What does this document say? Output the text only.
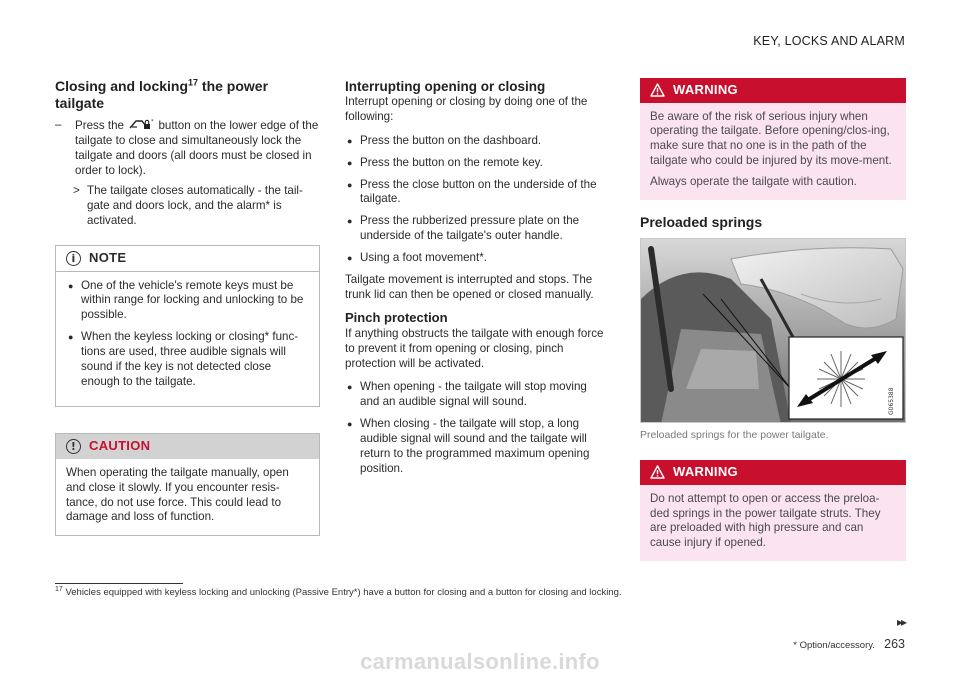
KEY, LOCKS AND ALARM
Closing and locking$^{17}$ the power tailgate
– Press the	* button on the lower edge of the tailgate to close and simultaneously lock the tailgate and doors (all doors must be closed in order to lock).
> The tailgate closes automatically - the tail-gate and doors lock, and the alarm* is activated.
i	NOTE
● One of the vehicle's remote keys must be within range for locking and unlocking to be possible.
● When the keyless locking or closing* func-tions are used, three audible signals will sound if the key is not detected close enough to the tailgate.
! CAUTION
When operating the tailgate manually, open and close it slowly. If you encounter resis-tance, do not use force. This could lead to damage and loss of function.
Interrupting opening or closing

Interrupt opening or closing by doing one of the following:

● Press the button on the dashboard.
● Press the button on the remote key.
● Press the close button on the underside of the tailgate.
● Press the rubberized pressure plate on the underside of the tailgate's outer handle.
● Using a foot movement*.

Tailgate movement is interrupted and stops. The trunk lid can then be opened or closed manually.

Pinch protection

If anything obstructs the tailgate with enough force to prevent it from opening or closing, pinch protection will be activated.

● When opening - the tailgate will stop moving and an audible signal will sound.
● When closing - the tailgate will stop, a long audible signal will sound and the tailgate will return to the programmed maximum opening position.
WARNING

Be aware of the risk of serious injury when operating the tailgate. Before opening/clos-ing, make sure that no one is in the path of the tailgate who could be injured by its move-ment.

Always operate the tailgate with caution.

Preloaded springs
G065388
Preloaded springs for the power tailgate.
WARNING
Do not attempt to open or access the preloa-ded springs in the power tailgate struts. They are preloaded with high pressure and can cause injury if opened.
$^{17}$ Vehicles equipped with keyless locking and unlocking (Passive Entry*) have a button for closing and a button for closing and locking.
▸▸
* Option/accessory. 263
carmanualsonline.info
